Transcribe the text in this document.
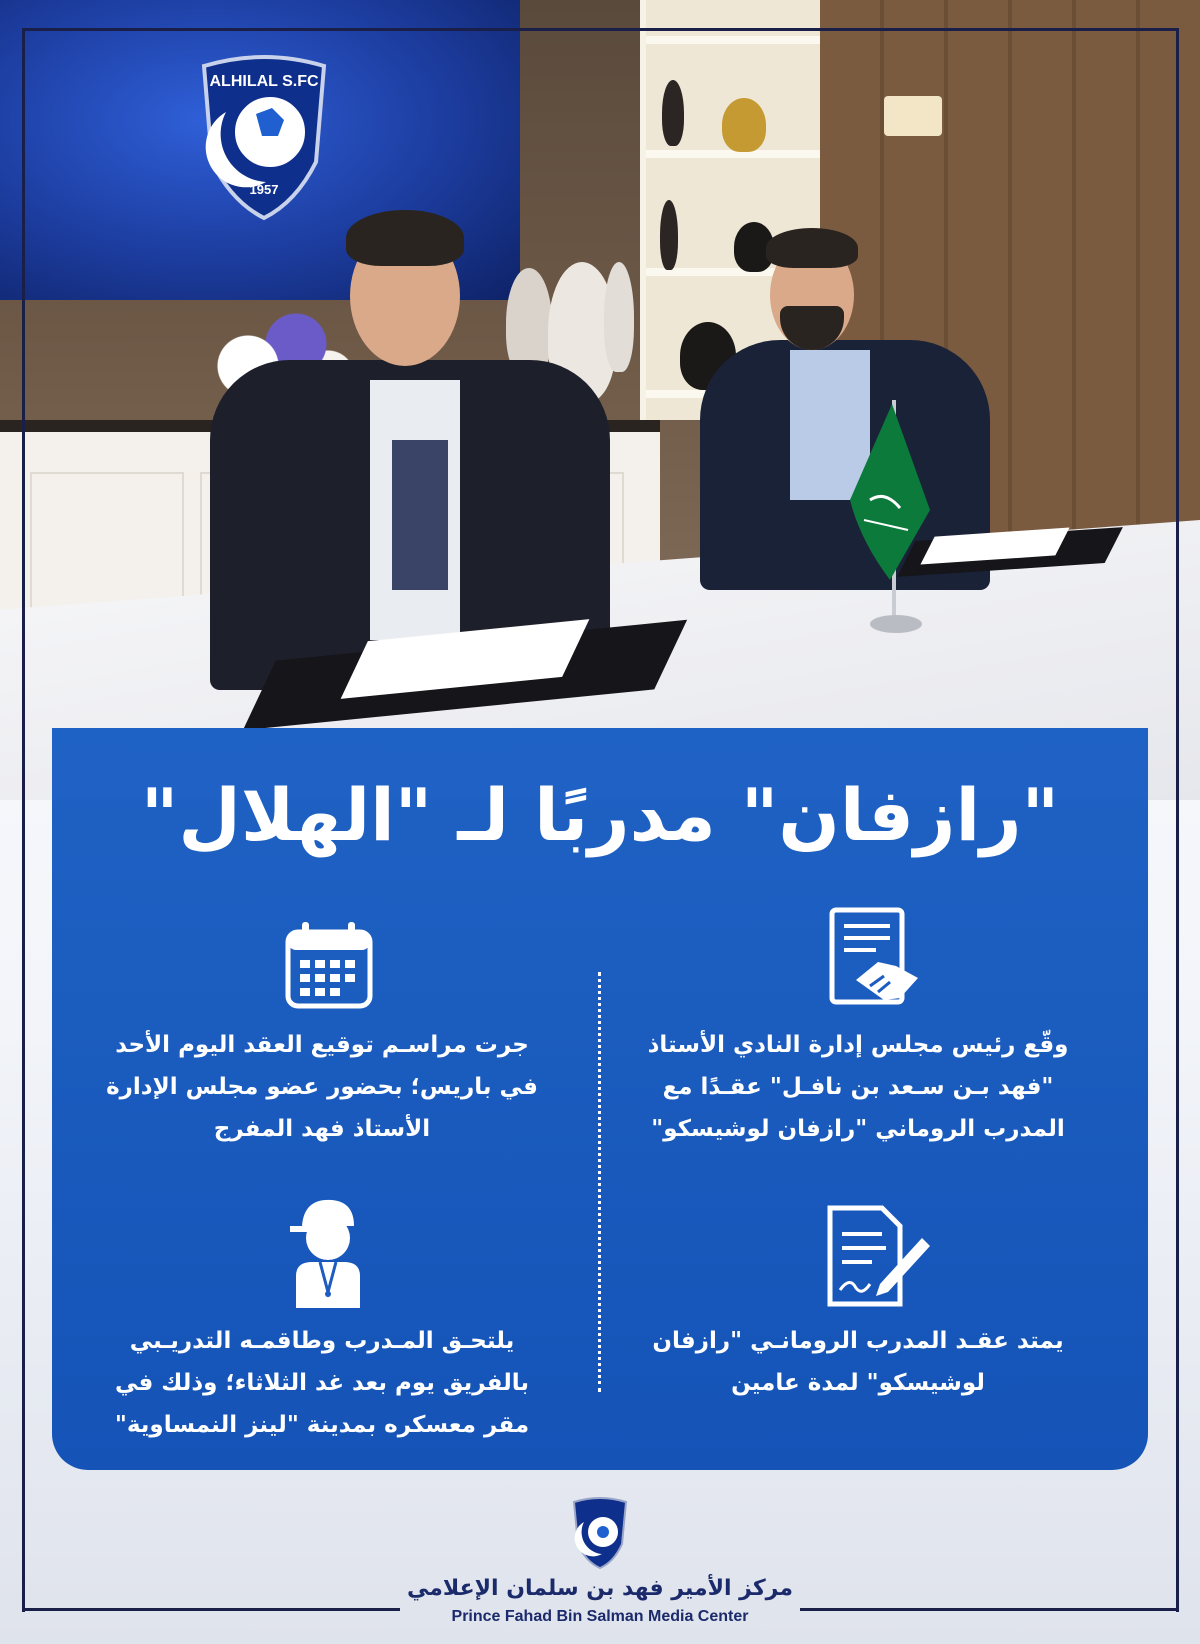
ALHILAL S.FC
1957
"رازفان" مدربًا لـ "الهلال"
وقّع رئيس مجلس إدارة النادي الأستاذ
"فهد بـن سـعد بن نافـل" عقـدًا مع
المدرب الروماني "رازفان لوشيسكو"
جرت مراسـم توقيع العقد اليوم الأحد
في باريس؛ بحضور عضو مجلس الإدارة
الأستاذ فهد المفرج
يمتد عقـد المدرب الرومانـي "رازفان
لوشيسكو" لمدة عامين
يلتحـق المـدرب وطاقمـه التدريـبي
بالفريق يوم بعد غد الثلاثاء؛ وذلك في
مقر معسكره بمدينة "لينز النمساوية"
مركز الأمير فهد بن سلمان الإعلامي
Prince Fahad Bin Salman Media Center
